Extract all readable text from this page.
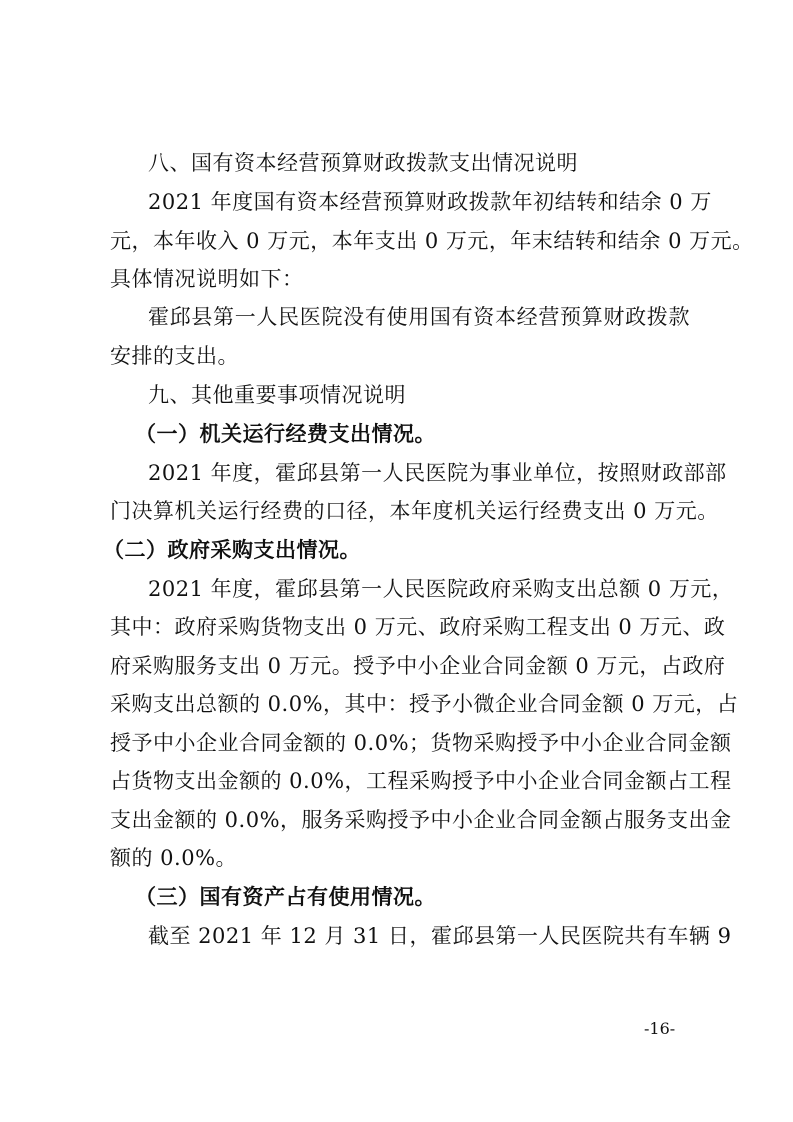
八、国有资本经营预算财政拨款支出情况说明
2021 年度国有资本经营预算财政拨款年初结转和结余 0 万
元，本年收入 0 万元，本年支出 0 万元，年末结转和结余 0 万元。
具体情况说明如下：
霍邱县第一人民医院没有使用国有资本经营预算财政拨款
安排的支出。
九、其他重要事项情况说明
（一）机关运行经费支出情况。
2021 年度，霍邱县第一人民医院为事业单位，按照财政部部
门决算机关运行经费的口径，本年度机关运行经费支出 0 万元。
（二）政府采购支出情况。
2021 年度，霍邱县第一人民医院政府采购支出总额 0 万元，
其中：政府采购货物支出 0 万元、政府采购工程支出 0 万元、政
府采购服务支出 0 万元。授予中小企业合同金额 0 万元，占政府
采购支出总额的 0.0%，其中：授予小微企业合同金额 0 万元，占
授予中小企业合同金额的 0.0%；货物采购授予中小企业合同金额
占货物支出金额的 0.0%，工程采购授予中小企业合同金额占工程
支出金额的 0.0%，服务采购授予中小企业合同金额占服务支出金
额的 0.0%。
（三）国有资产占有使用情况。
截至 2021 年 12 月 31 日，霍邱县第一人民医院共有车辆 9
-16-
